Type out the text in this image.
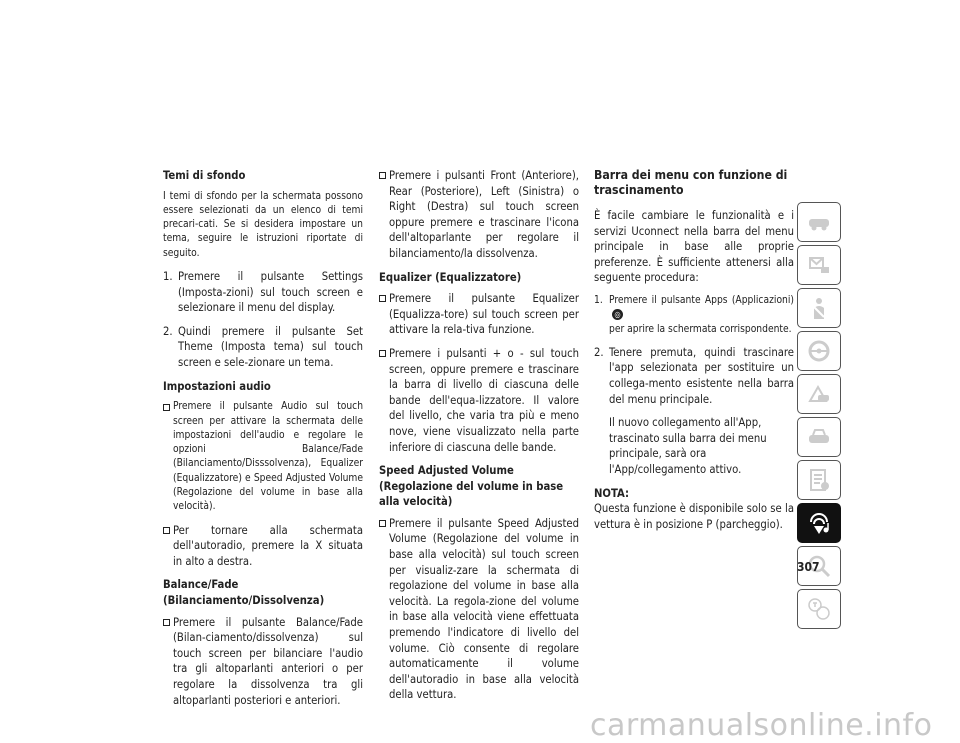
Temi di sfondo

I temi di sfondo per la schermata possono essere selezionati da un elenco di temi precari-cati. Se si desidera impostare un tema, seguire le istruzioni riportate di seguito.

1. Premere il pulsante Settings (Imposta-zioni) sul touch screen e selezionare il menu del display.
2. Quindi premere il pulsante Set Theme (Imposta tema) sul touch screen e sele-zionare un tema.
Impostazioni audio
Premere il pulsante Audio sul touch screen per attivare la schermata delle impostazioni dell'audio e regolare le opzioni Balance/Fade (Bilanciamento/Disssolvenza), Equalizer (Equalizzatore) e Speed Adjusted Volume (Regolazione del volume in base alla velocità).
Per tornare alla schermata dell'autoradio, premere la X situata in alto a destra.
Balance/Fade (Bilanciamento/Dissolvenza)
Premere il pulsante Balance/Fade (Bilan-ciamento/dissolvenza) sul touch screen per bilanciare l'audio tra gli altoparlanti anteriori o per regolare la dissolvenza tra gli altoparlanti posteriori e anteriori.
Premere i pulsanti Front (Anteriore), Rear (Posteriore), Left (Sinistra) o Right (Destra) sul touch screen oppure premere e trascinare l'icona dell'altoparlante per regolare il bilanciamento/la dissolvenza.
Equalizer (Equalizzatore)
Premere il pulsante Equalizer (Equalizza-tore) sul touch screen per attivare la rela-tiva funzione.
Premere i pulsanti + o - sul touch screen, oppure premere e trascinare la barra di livello di ciascuna delle bande dell'equa-lizzatore. Il valore del livello, che varia tra più e meno nove, viene visualizzato nella parte inferiore di ciascuna delle bande.
Speed Adjusted Volume (Regolazione del volume in base alla velocità)
Premere il pulsante Speed Adjusted Volume (Regolazione del volume in base alla velocità) sul touch screen per visualiz-zare la schermata di regolazione del volume in base alla velocità. La regola-zione del volume in base alla velocità viene effettuata premendo l'indicatore di livello del volume. Ciò consente di regolare automaticamente il volume dell'autoradio in base alla velocità della vettura.
Barra dei menu con funzione di trascinamento

È facile cambiare le funzionalità e i servizi Uconnect nella barra del menu principale in base alle proprie preferenze. È sufficiente attenersi alla seguente procedura:

1. Premere il pulsante Apps (Applicazioni)◎
per aprire la schermata corrispondente.
2. Tenere premuta, quindi trascinare l'app selezionata per sostituire un collega-mento esistente nella barra del menu principale.

Il nuovo collegamento all'App, trascinato sulla barra dei menu principale, sarà ora l'App/collegamento attivo.

NOTA:

Questa funzione è disponibile solo se la vettura è in posizione P (parcheggio).

307
carmanualsonline.info
